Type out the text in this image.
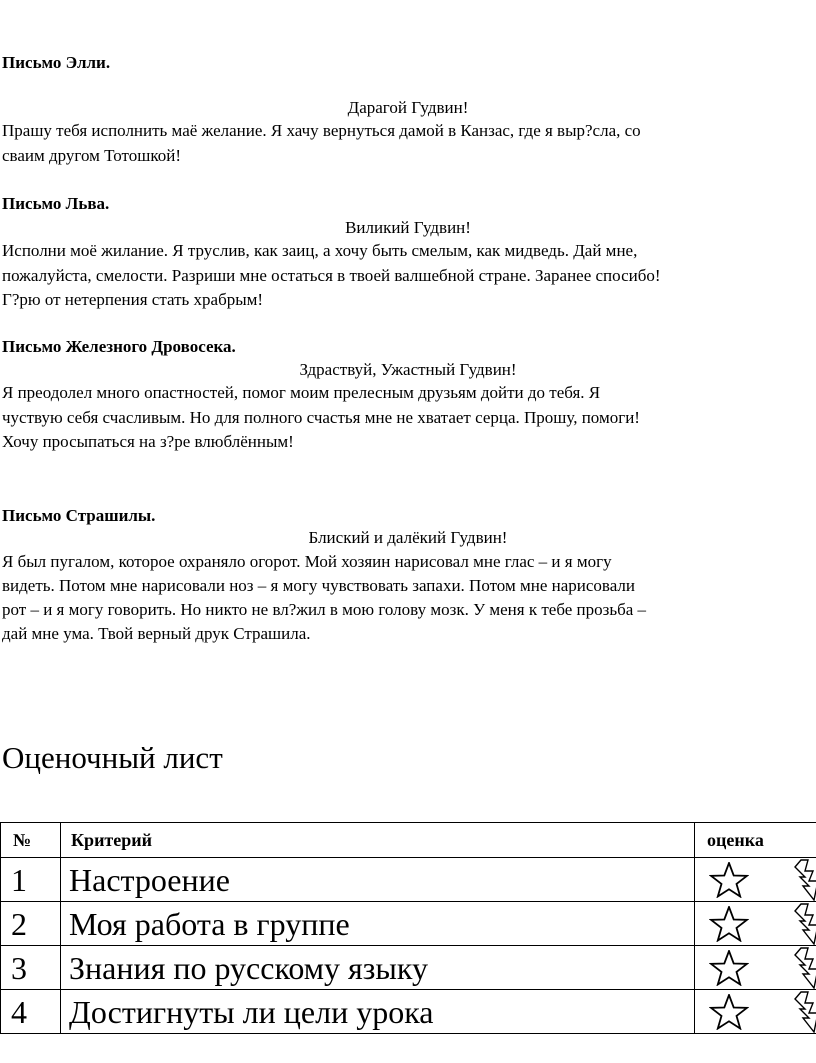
Письмо Элли.
Дарагой Гудвин!
Прашу тебя исполнить маё желание. Я хачу вернуться дамой в Канзас, где я выр?сла, со
сваим другом Тотошкой!
Письмо Льва.
Виликий Гудвин!
Исполни моё жилание. Я труслив, как заиц, а хочу быть смелым, как мидведь. Дай мне,
пожалуйста, смелости. Разриши мне остаться в твоей валшебной стране. Заранее спосибо!
Г?рю от нетерпения стать храбрым!
Письмо Железного Дровосека.
Здраствуй, Ужастный Гудвин!
Я преодолел много опастностей, помог моим прелесным друзьям дойти до тебя. Я
чуствую себя счасливым. Но для полного счастья мне не хватает серца. Прошу, помоги!
Хочу просыпаться на з?ре влюблённым!
Письмо Страшилы.
Блиский и далёкий Гудвин!
Я был пугалом, которое охраняло огорот. Мой хозяин нарисовал мне глас – и я могу
видеть. Потом мне нарисовали ноз – я могу чувствовать запахи. Потом мне нарисовали
рот – и я могу говорить. Но никто не вл?жил в мою голову мозк. У меня к тебе прозьба –
дай мне ума. Твой верный друк Страшила.
Оценочный лист
№	Критерий	оценка
1	Настроение	

2	Моя работа в группе	

3	Знания по русскому языку	

4	Достигнуты ли цели урока	
